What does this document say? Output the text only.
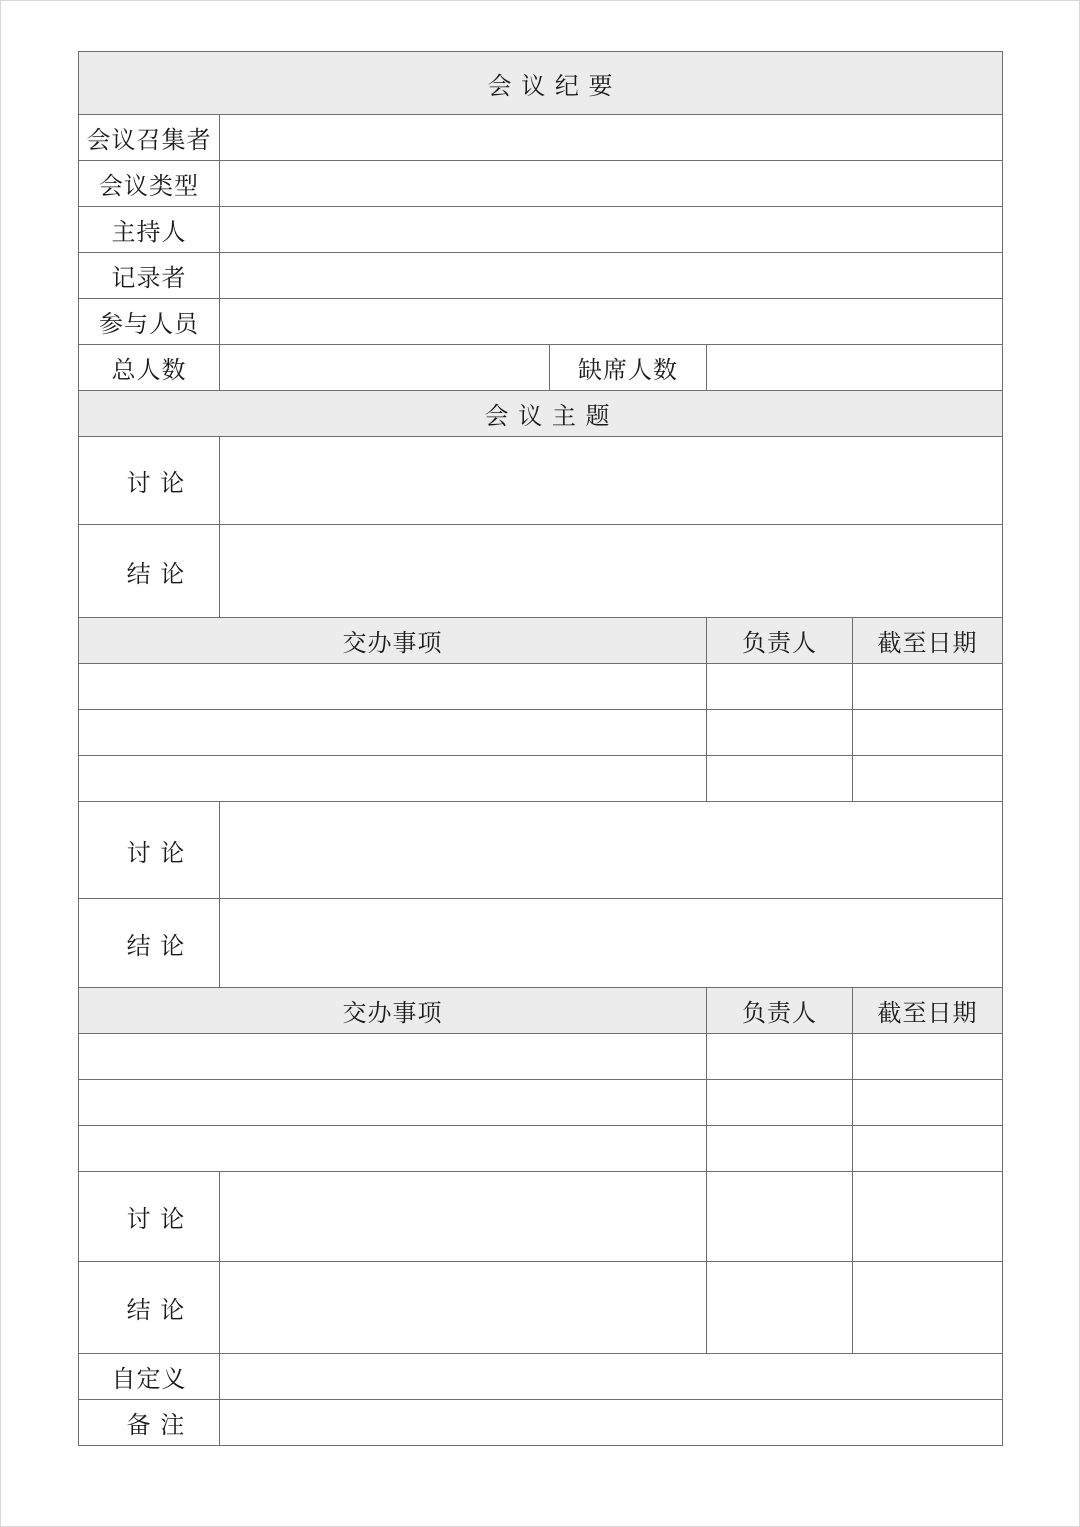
会 议 纪 要				
会议召集者				
会议类型				
主持人				
记录者				
参与人员				
总人数		缺席人数		
会 议 主 题				
讨 论				
结 论				
交办事项			负责人	截至日期

讨 论				
结 论				
交办事项			负责人	截至日期

讨 论				
结 论				
自定义				
备 注				
